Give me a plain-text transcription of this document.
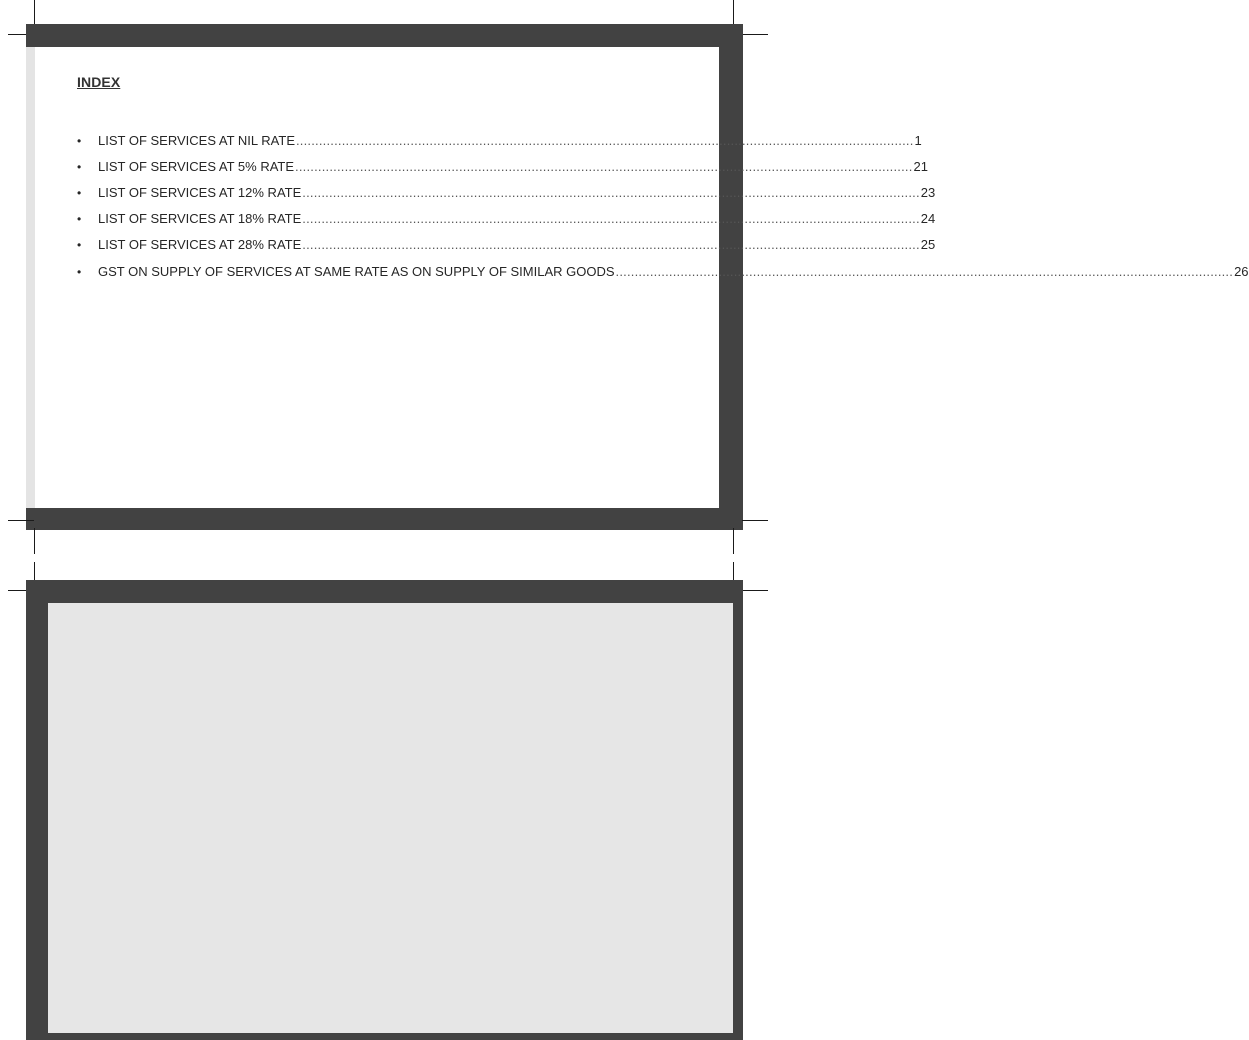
INDEX
•	LIST OF SERVICES AT NIL RATE .................................................................................................................................................................. 1
•	LIST OF SERVICES AT 5% RATE .................................................................................................................................................................. 21
•	LIST OF SERVICES AT 12% RATE .................................................................................................................................................................. 23
•	LIST OF SERVICES AT 18% RATE .................................................................................................................................................................. 24
•	LIST OF SERVICES AT 28% RATE .................................................................................................................................................................. 25
•	GST ON SUPPLY OF SERVICES AT SAME RATE AS ON SUPPLY OF SIMILAR GOODS .................................................................................................................................................................. 26
